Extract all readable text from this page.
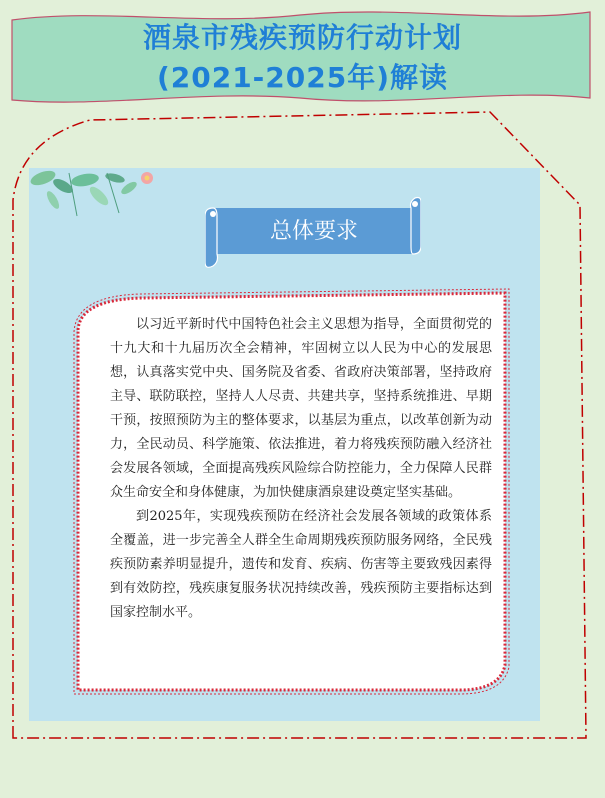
酒泉市残疾预防行动计划
(2021-2025年)解读
总体要求

以习近平新时代中国特色社会主义思想为指导，全面贯彻党的十九大和十九届历次全会精神，牢固树立以人民为中心的发展思想，认真落实党中央、国务院及省委、省政府决策部署，坚持政府主导、联防联控，坚持人人尽责、共建共享，坚持系统推进、早期干预，按照预防为主的整体要求，以基层为重点，以改革创新为动力，全民动员、科学施策、依法推进，着力将残疾预防融入经济社会发展各领域，全面提高残疾风险综合防控能力，全力保障人民群众生命安全和身体健康，为加快健康酒泉建设奠定坚实基础。

到2025年，实现残疾预防在经济社会发展各领域的政策体系全覆盖，进一步完善全人群全生命周期残疾预防服务网络，全民残疾预防素养明显提升，遗传和发育、疾病、伤害等主要致残因素得到有效防控，残疾康复服务状况持续改善，残疾预防主要指标达到国家控制水平。
